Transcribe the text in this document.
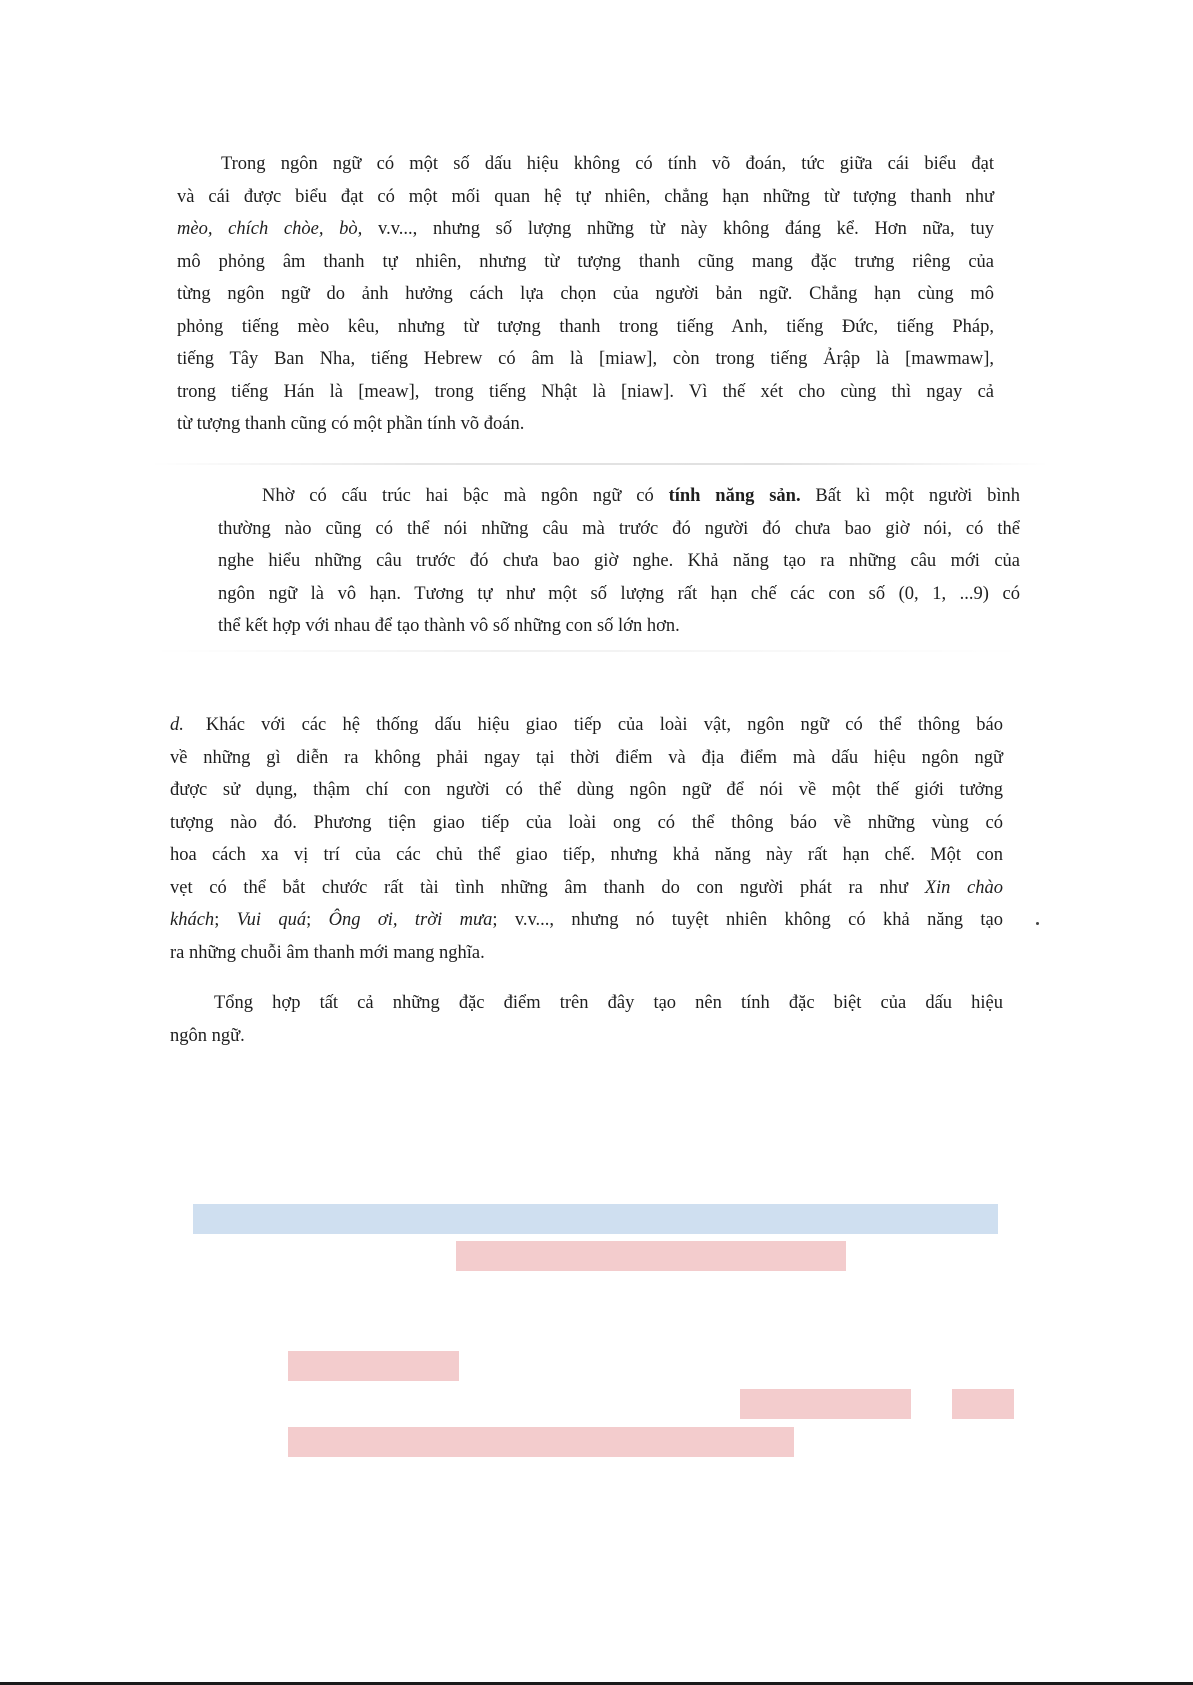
Trong ngôn ngữ có một số dấu hiệu không có tính võ đoán, tức giữa cái biểu đạt
và cái được biểu đạt có một mối quan hệ tự nhiên, chẳng hạn những từ tượng thanh như
mèo, chích chòe, bò, v.v..., nhưng số lượng những từ này không đáng kể. Hơn nữa, tuy
mô phỏng âm thanh tự nhiên, nhưng từ tượng thanh cũng mang đặc trưng riêng của
từng ngôn ngữ do ảnh hưởng cách lựa chọn của người bản ngữ. Chẳng hạn cùng mô
phỏng tiếng mèo kêu, nhưng từ tượng thanh trong tiếng Anh, tiếng Đức, tiếng Pháp,
tiếng Tây Ban Nha, tiếng Hebrew có âm là [miaw], còn trong tiếng Ảrập là [mawmaw],
trong tiếng Hán là [meaw], trong tiếng Nhật là [niaw]. Vì thế xét cho cùng thì ngay cả
từ tượng thanh cũng có một phần tính võ đoán.
Nhờ có cấu trúc hai bậc mà ngôn ngữ có tính năng sản. Bất kì một người bình
thường nào cũng có thể nói những câu mà trước đó người đó chưa bao giờ nói, có thể
nghe hiểu những câu trước đó chưa bao giờ nghe. Khả năng tạo ra những câu mới của
ngôn ngữ là vô hạn. Tương tự như một số lượng rất hạn chế các con số (0, 1, ...9) có
thể kết hợp với nhau để tạo thành vô số những con số lớn hơn.
d. Khác với các hệ thống dấu hiệu giao tiếp của loài vật, ngôn ngữ có thể thông báo
về những gì diễn ra không phải ngay tại thời điểm và địa điểm mà dấu hiệu ngôn ngữ
được sử dụng, thậm chí con người có thể dùng ngôn ngữ để nói về một thế giới tưởng
tượng nào đó. Phương tiện giao tiếp của loài ong có thể thông báo về những vùng có
hoa cách xa vị trí của các chủ thể giao tiếp, nhưng khả năng này rất hạn chế. Một con
vẹt có thể bắt chước rất tài tình những âm thanh do con người phát ra như Xin chào
khách; Vui quá; Ông ơi, trời mưa; v.v..., nhưng nó tuyệt nhiên không có khả năng tạo
ra những chuỗi âm thanh mới mang nghĩa.
Tổng hợp tất cả những đặc điểm trên đây tạo nên tính đặc biệt của dấu hiệu
ngôn ngữ.
